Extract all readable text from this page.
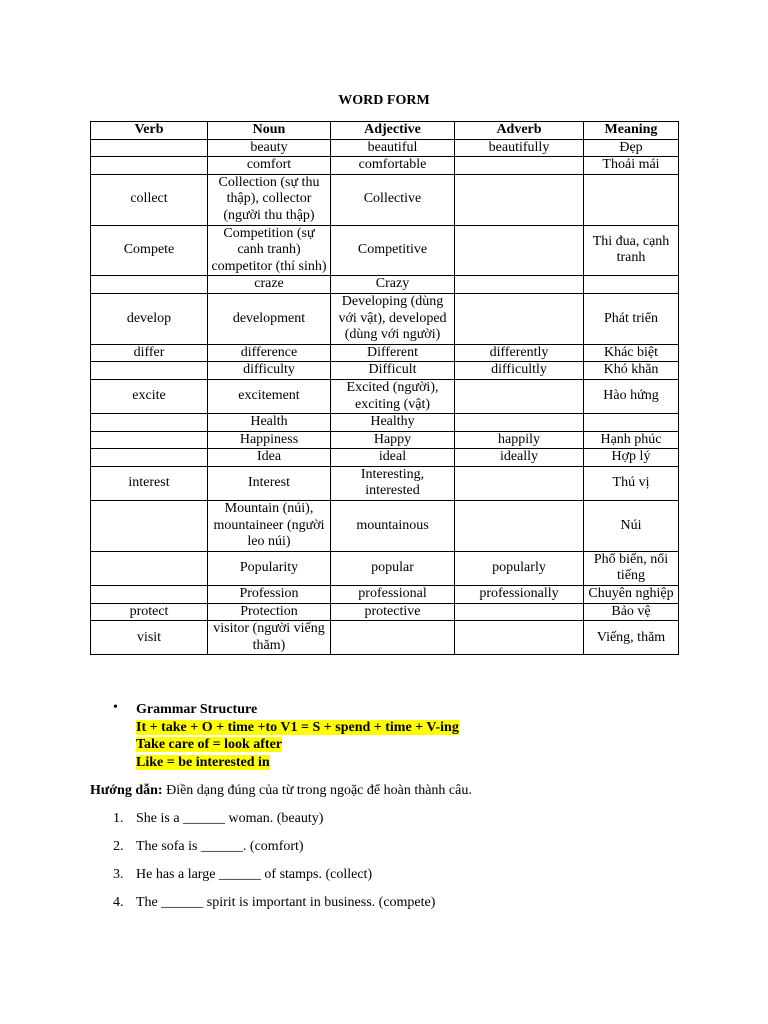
WORD FORM
Verb	Noun	Adjective	Adverb	Meaning
	beauty	beautiful	beautifully	Đẹp
	comfort	comfortable		Thoải mái
collect	Collection (sự thu thập), collector (người thu thập)	Collective		
Compete	Competition (sự canh tranh) competitor (thí sinh)	Competitive		Thi đua, cạnh tranh
	craze	Crazy		
develop	development	Developing (dùng với vật), developed (dùng với người)		Phát triển
differ	difference	Different	differently	Khác biệt
	difficulty	Difficult	difficultly	Khó khăn
excite	excitement	Excited (người), exciting (vật)		Hào hứng
	Health	Healthy		
	Happiness	Happy	happily	Hạnh phúc
	Idea	ideal	ideally	Hợp lý
interest	Interest	Interesting, interested		Thú vị
	Mountain (núi), mountaineer (người leo núi)	mountainous		Núi
	Popularity	popular	popularly	Phổ biến, nổi tiếng
	Profession	professional	professionally	Chuyên nghiệp
protect	Protection	protective		Bảo vệ
visit	visitor (người viếng thăm)			Viếng, thăm
• Grammar Structure
It + take + O + time +to V1 = S + spend + time + V-ing
Take care of = look after
Like = be interested in
Hướng dẫn: Điền dạng đúng của từ trong ngoặc để hoàn thành câu.
1. She is a ______ woman. (beauty)
2. The sofa is ______. (comfort)
3. He has a large ______ of stamps. (collect)
4. The ______ spirit is important in business. (compete)
